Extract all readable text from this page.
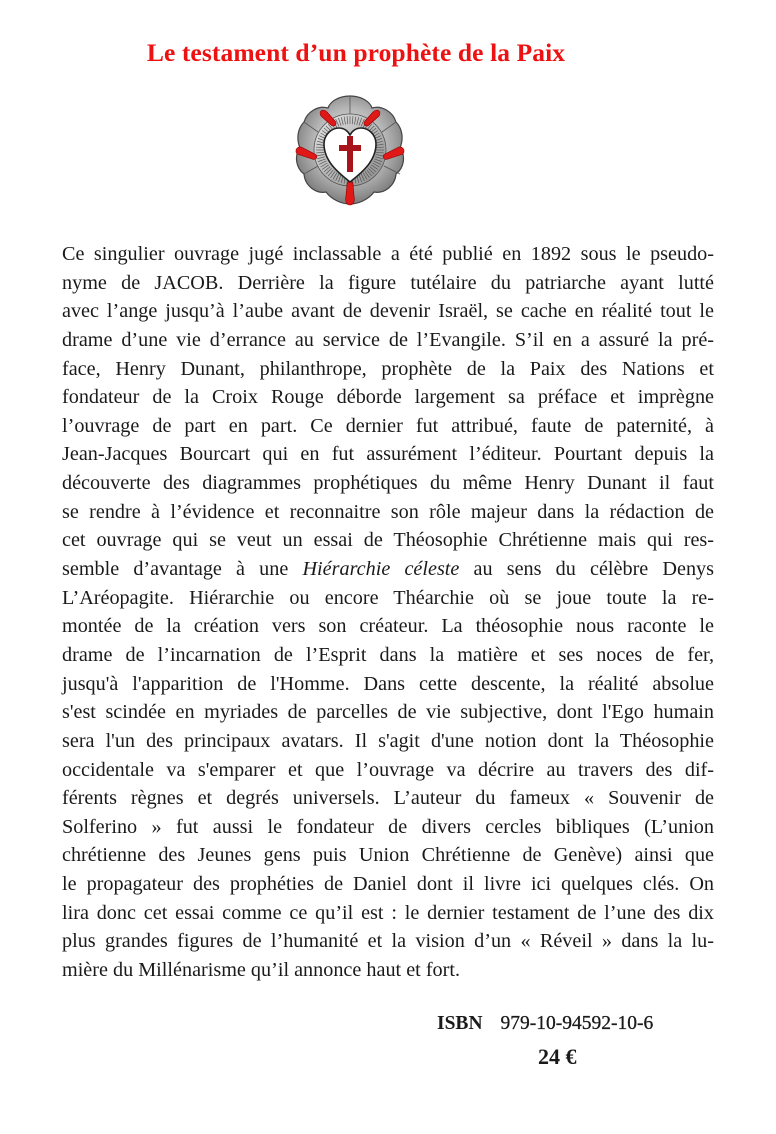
Le testament d’un prophète de la Paix
Ce singulier ouvrage jugé inclassable a été publié en 1892 sous le pseudo-
nyme de JACOB. Derrière la figure tutélaire du patriarche ayant lutté
avec l’ange jusqu’à l’aube avant de devenir Israël, se cache en réalité tout le
drame d’une vie d’errance au service de l’Evangile. S’il en a assuré la pré-
face, Henry Dunant, philanthrope, prophète de la Paix des Nations et
fondateur de la Croix Rouge déborde largement sa préface et imprègne
l’ouvrage de part en part. Ce dernier fut attribué, faute de paternité, à
Jean-Jacques Bourcart qui en fut assurément l’éditeur. Pourtant depuis la
découverte des diagrammes prophétiques du même Henry Dunant il faut
se rendre à l’évidence et reconnaitre son rôle majeur dans la rédaction de
cet ouvrage qui se veut un essai de Théosophie Chrétienne mais qui res-
semble d’avantage à une Hiérarchie céleste au sens du célèbre Denys
L’Aréopagite. Hiérarchie ou encore Théarchie où se joue toute la re-
montée de la création vers son créateur. La théosophie nous raconte le
drame de l’incarnation de l’Esprit dans la matière et ses noces de fer,
jusqu'à l'apparition de l'Homme. Dans cette descente, la réalité absolue
s'est scindée en myriades de parcelles de vie subjective, dont l'Ego humain
sera l'un des principaux avatars. Il s'agit d'une notion dont la Théosophie
occidentale va s'emparer et que l’ouvrage va décrire au travers des dif-
férents règnes et degrés universels. L’auteur du fameux « Souvenir de
Solferino » fut aussi le fondateur de divers cercles bibliques (L’union
chrétienne des Jeunes gens puis Union Chrétienne de Genève) ainsi que
le propagateur des prophéties de Daniel dont il livre ici quelques clés. On
lira donc cet essai comme ce qu’il est : le dernier testament de l’une des dix
plus grandes figures de l’humanité et la vision d’un « Réveil » dans la lu-
mière du Millénarisme qu’il annonce haut et fort.
ISBN 979-10-94592-10-6
24 €
